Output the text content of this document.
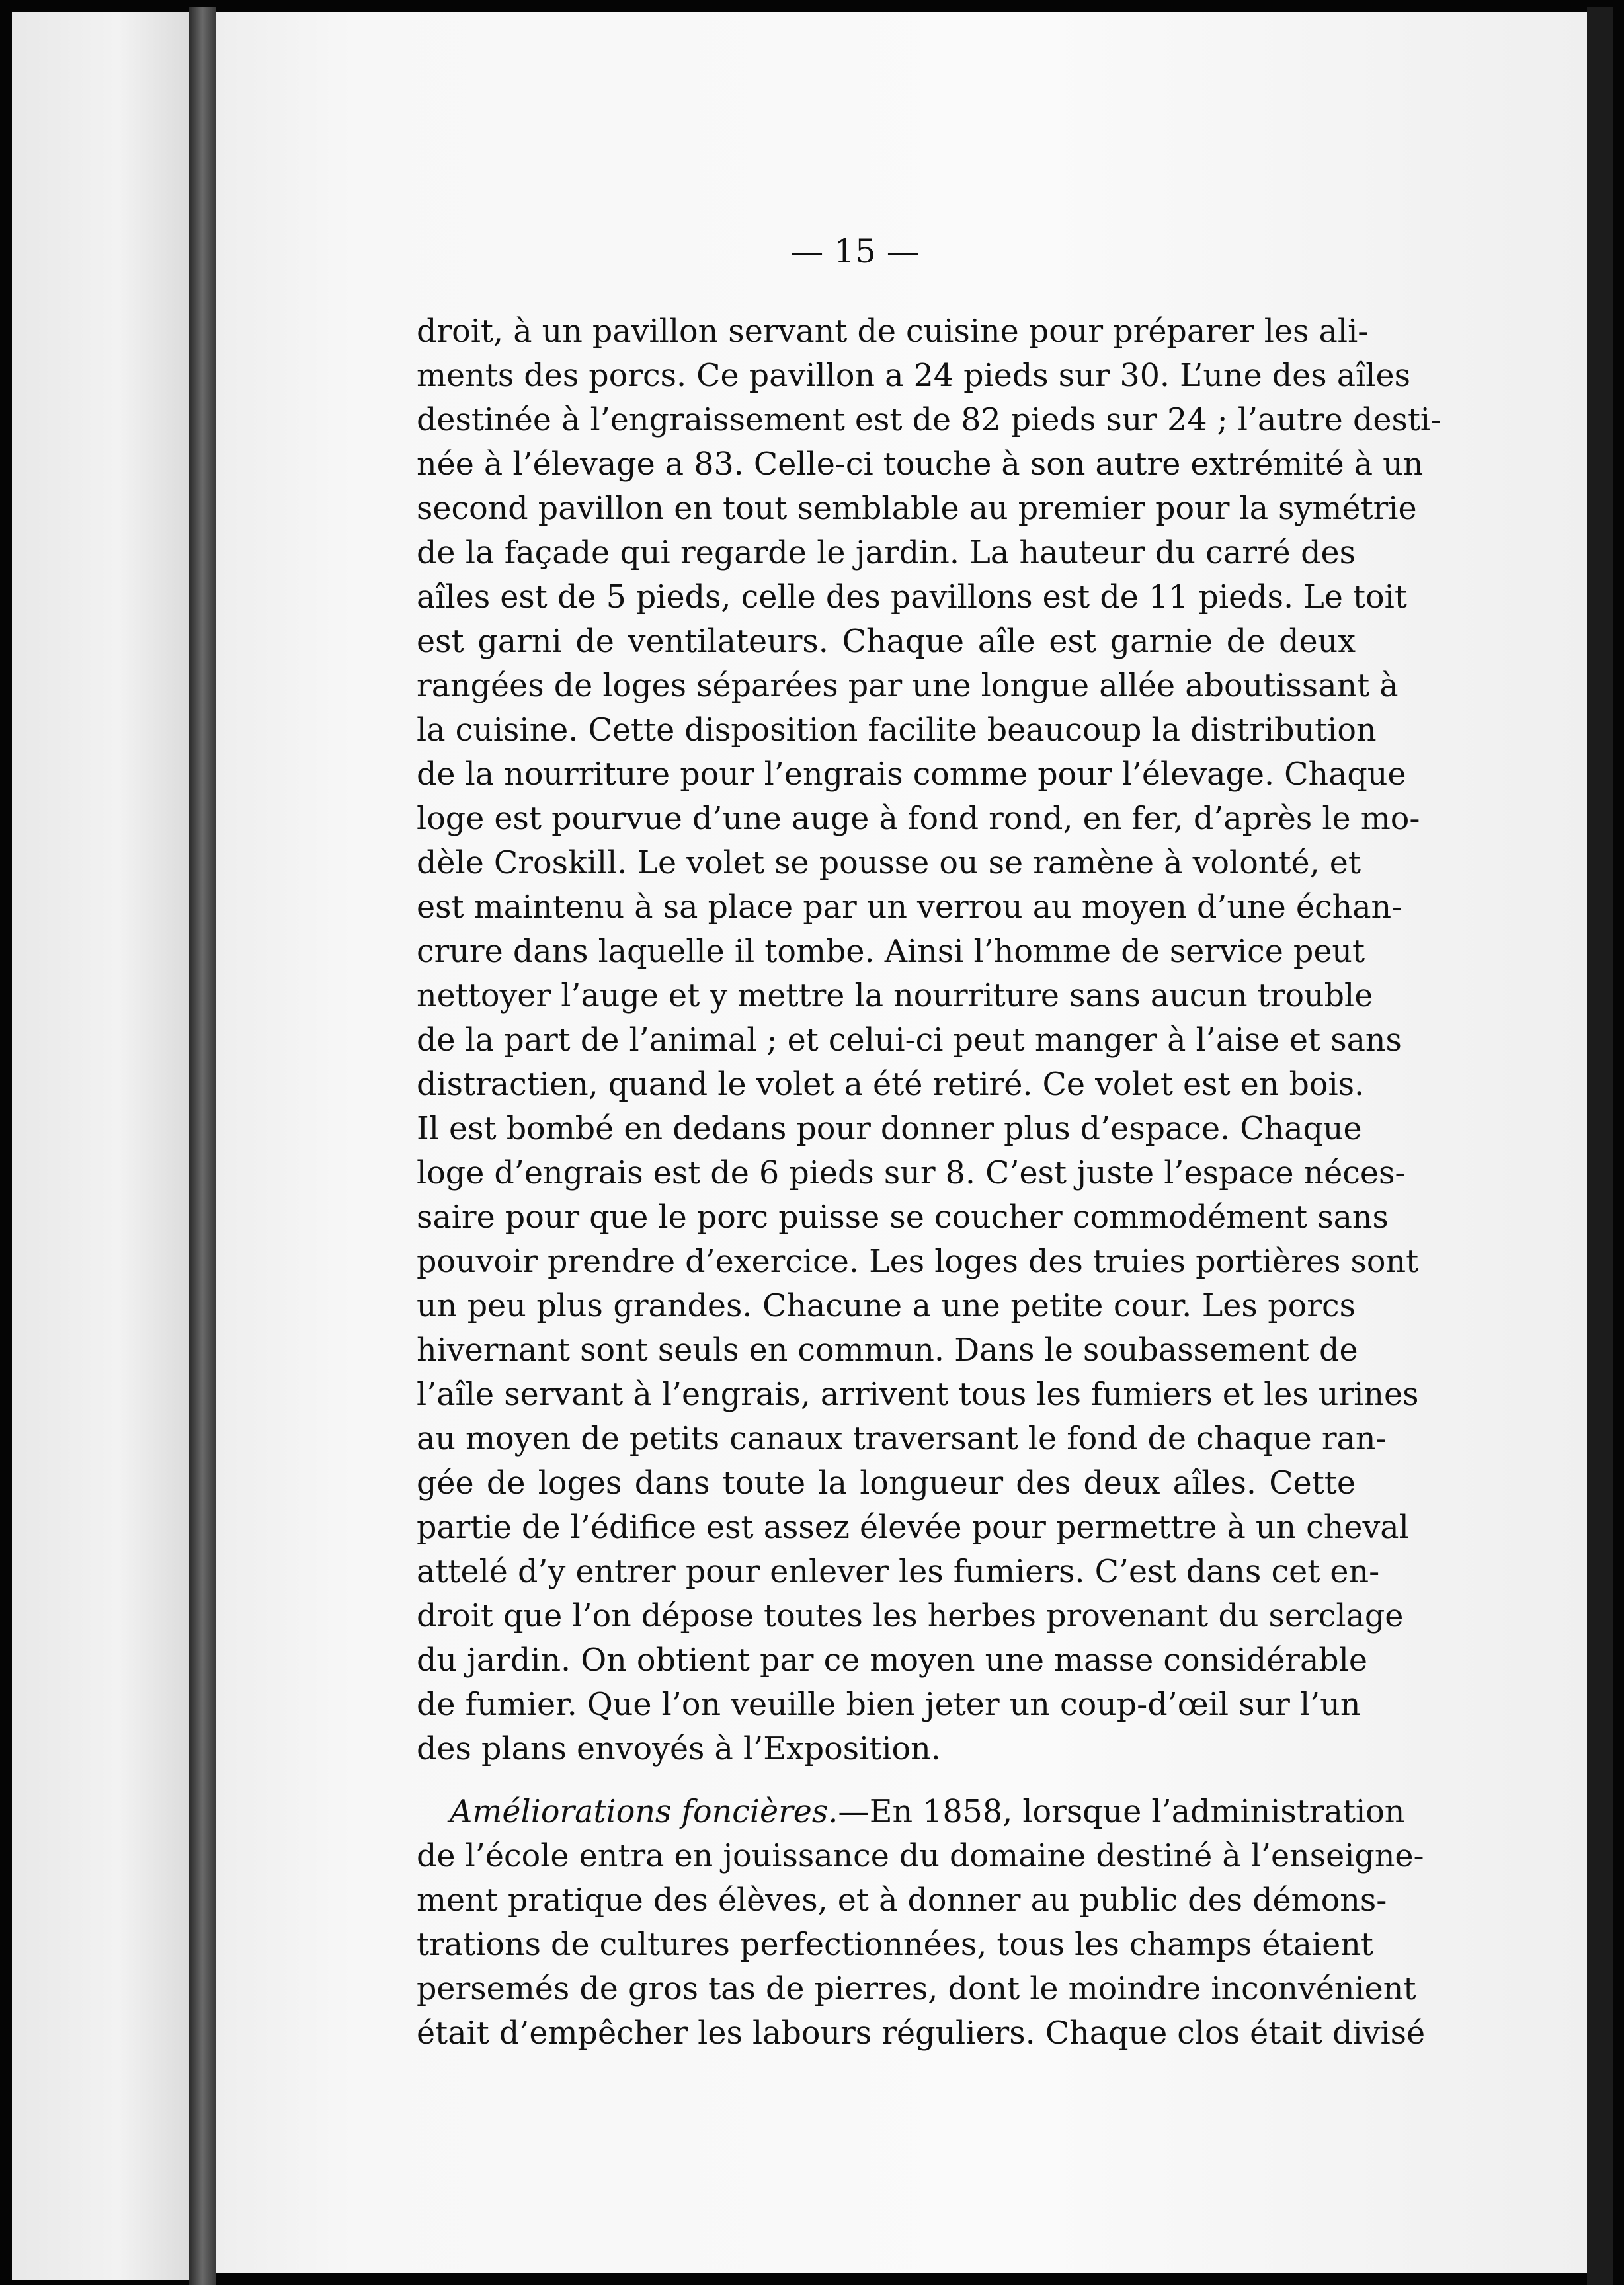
— 15 —
droit, à un pavillon servant de cuisine pour préparer les ali-
ments des porcs. Ce pavillon a 24 pieds sur 30. L’une des aîles
destinée à l’engraissement est de 82 pieds sur 24 ; l’autre desti-
née à l’élevage a 83. Celle-ci touche à son autre extrémité à un
second pavillon en tout semblable au premier pour la symétrie
de la façade qui regarde le jardin. La hauteur du carré des
aîles est de 5 pieds, celle des pavillons est de 11 pieds. Le toit
est garni de ventilateurs. Chaque aîle est garnie de deux
rangées de loges séparées par une longue allée aboutissant à
la cuisine. Cette disposition facilite beaucoup la distribution
de la nourriture pour l’engrais comme pour l’élevage. Chaque
loge est pourvue d’une auge à fond rond, en fer, d’après le mo-
dèle Croskill. Le volet se pousse ou se ramène à volonté, et
est maintenu à sa place par un verrou au moyen d’une échan-
crure dans laquelle il tombe. Ainsi l’homme de service peut
nettoyer l’auge et y mettre la nourriture sans aucun trouble
de la part de l’animal ; et celui-ci peut manger à l’aise et sans
distractien, quand le volet a été retiré. Ce volet est en bois.
Il est bombé en dedans pour donner plus d’espace. Chaque
loge d’engrais est de 6 pieds sur 8. C’est juste l’espace néces-
saire pour que le porc puisse se coucher commodément sans
pouvoir prendre d’exercice. Les loges des truies portières sont
un peu plus grandes. Chacune a une petite cour. Les porcs
hivernant sont seuls en commun. Dans le soubassement de
l’aîle servant à l’engrais, arrivent tous les fumiers et les urines
au moyen de petits canaux traversant le fond de chaque ran-
gée de loges dans toute la longueur des deux aîles. Cette
partie de l’édifice est assez élevée pour permettre à un cheval
attelé d’y entrer pour enlever les fumiers. C’est dans cet en-
droit que l’on dépose toutes les herbes provenant du serclage
du jardin. On obtient par ce moyen une masse considérable
de fumier. Que l’on veuille bien jeter un coup-d’œil sur l’un
des plans envoyés à l’Exposition.
Améliorations foncières.—En 1858, lorsque l’administration
de l’école entra en jouissance du domaine destiné à l’enseigne-
ment pratique des élèves, et à donner au public des démons-
trations de cultures perfectionnées, tous les champs étaient
persemés de gros tas de pierres, dont le moindre inconvénient
était d’empêcher les labours réguliers. Chaque clos était divisé
